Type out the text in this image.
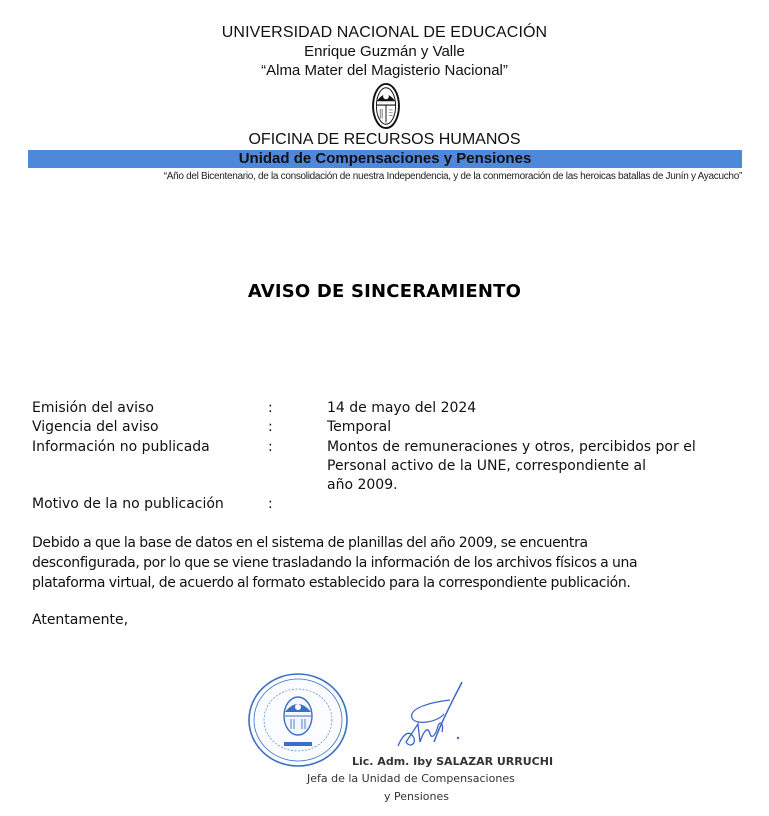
UNIVERSIDAD NACIONAL DE EDUCACIÓN
Enrique Guzmán y Valle
“Alma Mater del Magisterio Nacional”
OFICINA DE RECURSOS HUMANOS
Unidad de Compensaciones y Pensiones
“Año del Bicentenario, de la consolidación de nuestra Independencia, y de la conmemoración de las heroicas batallas de Junín y Ayacucho”
AVISO DE SINCERAMIENTO
Emisión del aviso	:	14 de mayo del 2024
Vigencia del aviso	:	Temporal
Información no publicada	:	Montos de remuneraciones y otros, percibidos por el
Personal activo de la UNE, correspondiente al
año 2009.
Motivo de la no publicación	:
Debido a que la base de datos en el sistema de planillas del año 2009, se encuentra
desconfigurada, por lo que se viene trasladando la información de los archivos físicos a una
plataforma virtual, de acuerdo al formato establecido para la correspondiente publicación.
Atentamente,
Lic. Adm. Iby SALAZAR URRUCHI
Jefa de la Unidad de Compensaciones
y Pensiones
